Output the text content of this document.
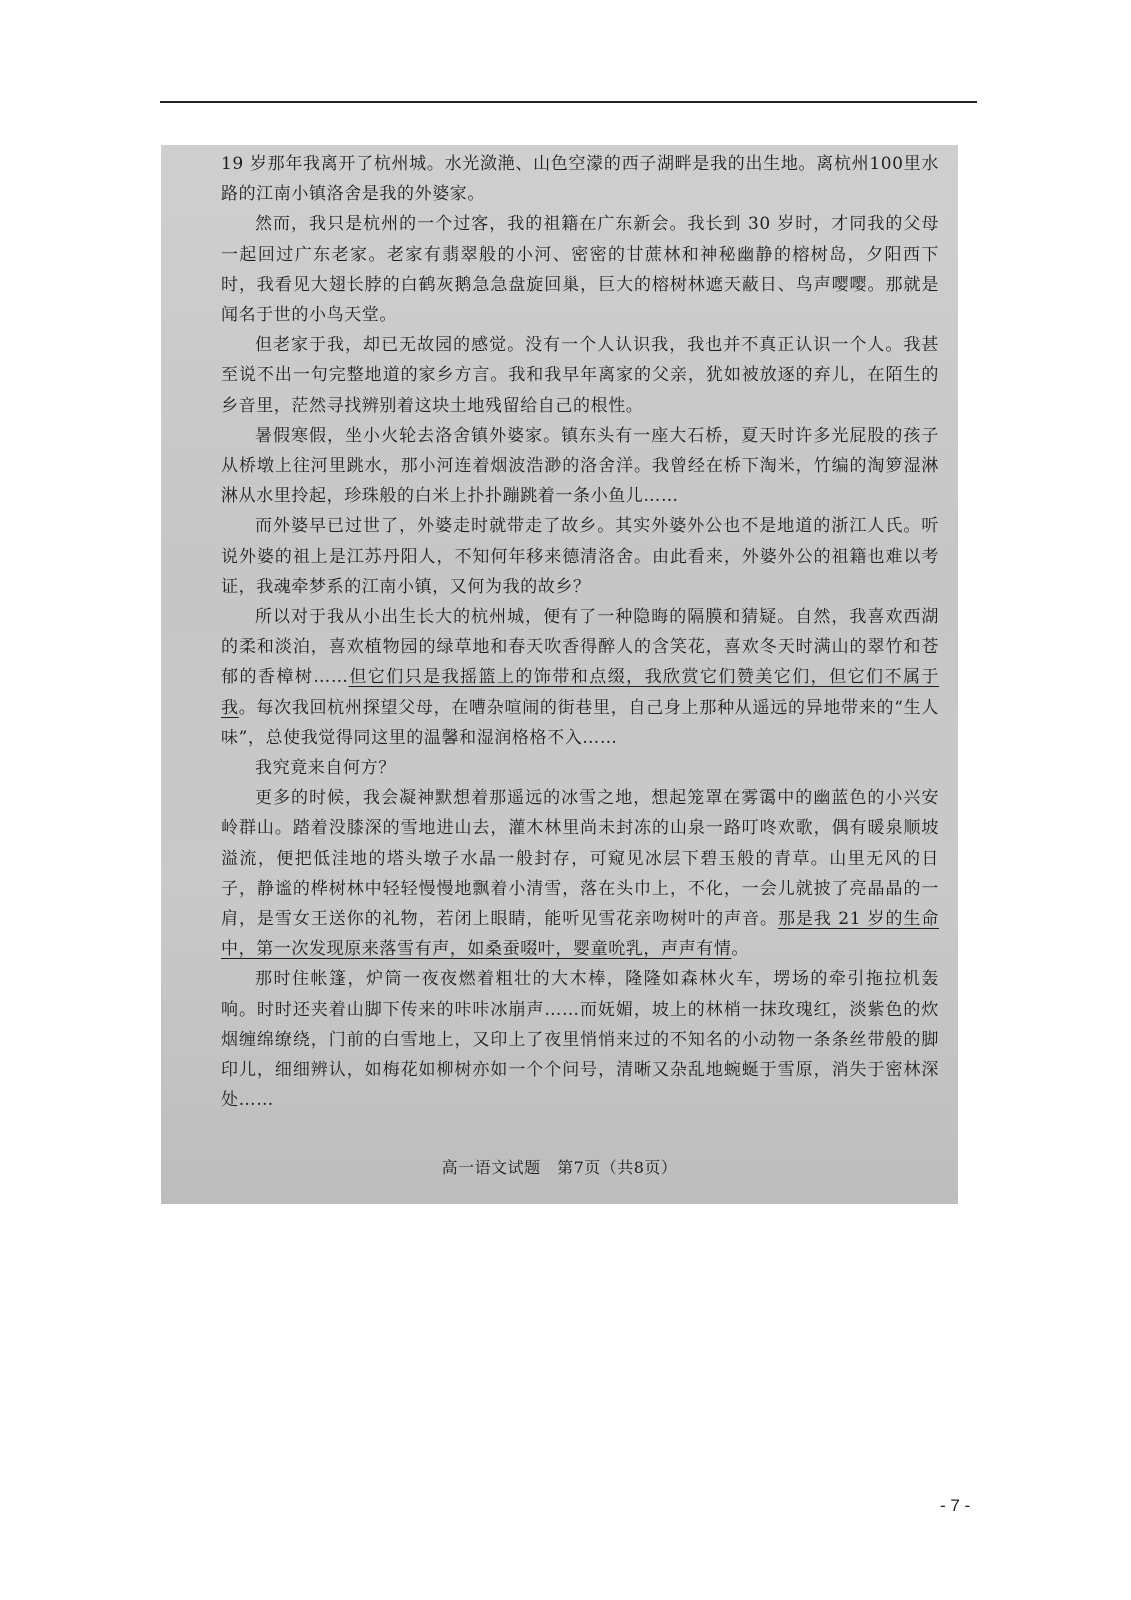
19 岁那年我离开了杭州城。水光潋滟、山色空濛的西子湖畔是我的出生地。离杭州100里水路的江南小镇洛舍是我的外婆家。

然而，我只是杭州的一个过客，我的祖籍在广东新会。我长到 30 岁时，才同我的父母一起回过广东老家。老家有翡翠般的小河、密密的甘蔗林和神秘幽静的榕树岛，夕阳西下时，我看见大翅长脖的白鹤灰鹅急急盘旋回巢，巨大的榕树林遮天蔽日、鸟声嘤嘤。那就是闻名于世的小鸟天堂。

但老家于我，却已无故园的感觉。没有一个人认识我，我也并不真正认识一个人。我甚至说不出一句完整地道的家乡方言。我和我早年离家的父亲，犹如被放逐的弃儿，在陌生的乡音里，茫然寻找辨别着这块土地残留给自己的根性。

暑假寒假，坐小火轮去洛舍镇外婆家。镇东头有一座大石桥，夏天时许多光屁股的孩子从桥墩上往河里跳水，那小河连着烟波浩渺的洛舍洋。我曾经在桥下淘米，竹编的淘箩湿淋淋从水里拎起，珍珠般的白米上扑扑蹦跳着一条小鱼儿……

而外婆早已过世了，外婆走时就带走了故乡。其实外婆外公也不是地道的浙江人氏。听说外婆的祖上是江苏丹阳人，不知何年移来德清洛舍。由此看来，外婆外公的祖籍也难以考证，我魂牵梦系的江南小镇，又何为我的故乡？

所以对于我从小出生长大的杭州城，便有了一种隐晦的隔膜和猜疑。自然，我喜欢西湖的柔和淡泊，喜欢植物园的绿草地和春天吹香得醉人的含笑花，喜欢冬天时满山的翠竹和苍郁的香樟树……但它们只是我摇篮上的饰带和点缀，我欣赏它们赞美它们，但它们不属于我。每次我回杭州探望父母，在嘈杂喧闹的街巷里，自己身上那种从遥远的异地带来的“生人味”，总使我觉得同这里的温馨和湿润格格不入……

我究竟来自何方？

更多的时候，我会凝神默想着那遥远的冰雪之地，想起笼罩在雾霭中的幽蓝色的小兴安岭群山。踏着没膝深的雪地进山去，灌木林里尚未封冻的山泉一路叮咚欢歌，偶有暖泉顺坡溢流，便把低洼地的塔头墩子水晶一般封存，可窥见冰层下碧玉般的青草。山里无风的日子，静谧的桦树林中轻轻慢慢地飘着小清雪，落在头巾上，不化，一会儿就披了亮晶晶的一肩，是雪女王送你的礼物，若闭上眼睛，能听见雪花亲吻树叶的声音。那是我 21 岁的生命中，第一次发现原来落雪有声，如桑蚕啜叶，婴童吮乳，声声有情。

那时住帐篷，炉筒一夜夜燃着粗壮的大木棒，隆隆如森林火车，塄场的牵引拖拉机轰响。时时还夹着山脚下传来的咔咔冰崩声……而妩媚，坡上的林梢一抹玫瑰红，淡紫色的炊烟缠绵缭绕，门前的白雪地上，又印上了夜里悄悄来过的不知名的小动物一条条丝带般的脚印儿，细细辨认，如梅花如柳树亦如一个个问号，清晰又杂乱地蜿蜒于雪原，消失于密林深处……

高一语文试题　第7页（共8页）
- 7 -
